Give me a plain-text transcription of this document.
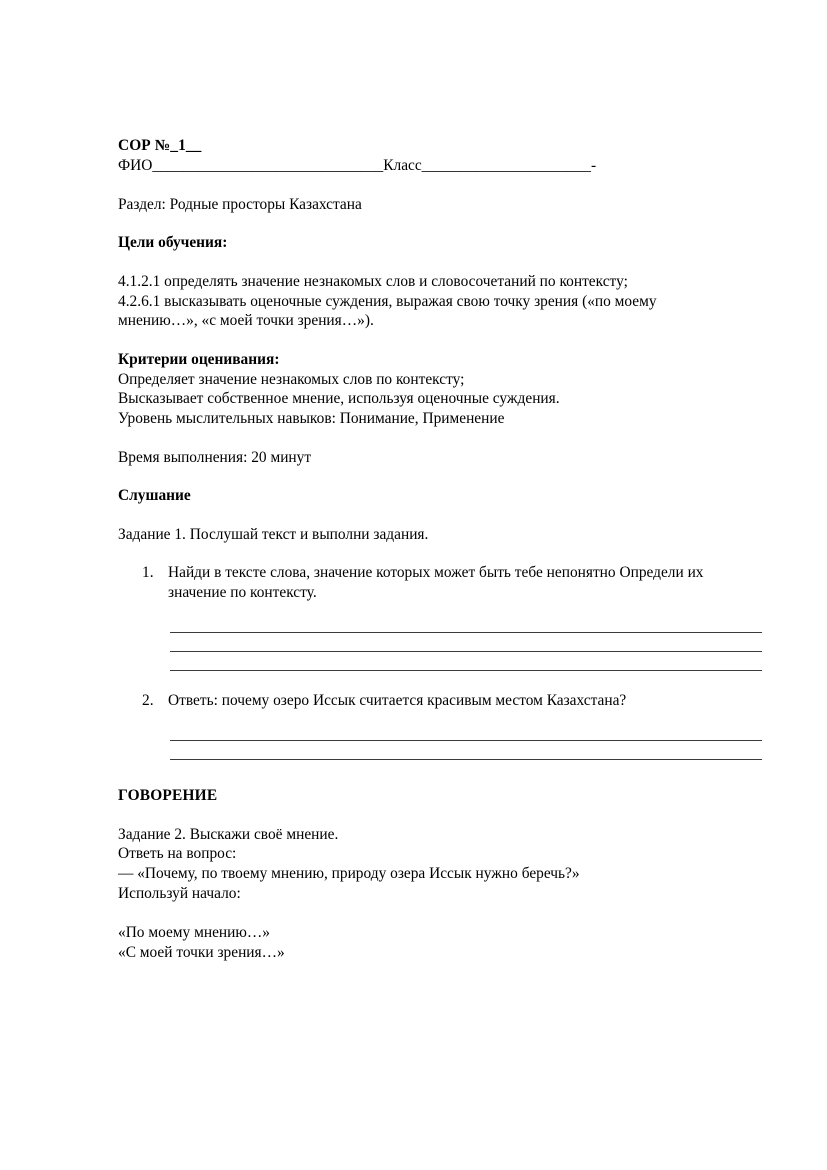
СОР №_1__
ФИО______________________________Класс______________________-
Раздел: Родные просторы Казахстана
Цели обучения:
4.1.2.1 определять значение незнакомых слов и словосочетаний по контексту;
4.2.6.1 высказывать оценочные суждения, выражая свою точку зрения («по моему мнению…», «с моей точки зрения…»).
Критерии оценивания:
Определяет значение незнакомых слов по контексту;
Высказывает собственное мнение, используя оценочные суждения.
Уровень мыслительных навыков: Понимание, Применение
Время выполнения: 20 минут
Слушание
Задание 1. Послушай текст и выполни задания.
1. Найди в тексте слова, значение которых может быть тебе непонятно Определи их значение по контексту.
2. Ответь: почему озеро Иссык считается красивым местом Казахстана?
ГОВОРЕНИЕ
Задание 2. Выскажи своё мнение.
Ответь на вопрос:
— «Почему, по твоему мнению, природу озера Иссык нужно беречь?»
Используй начало:
«По моему мнению…»
«С моей точки зрения…»
